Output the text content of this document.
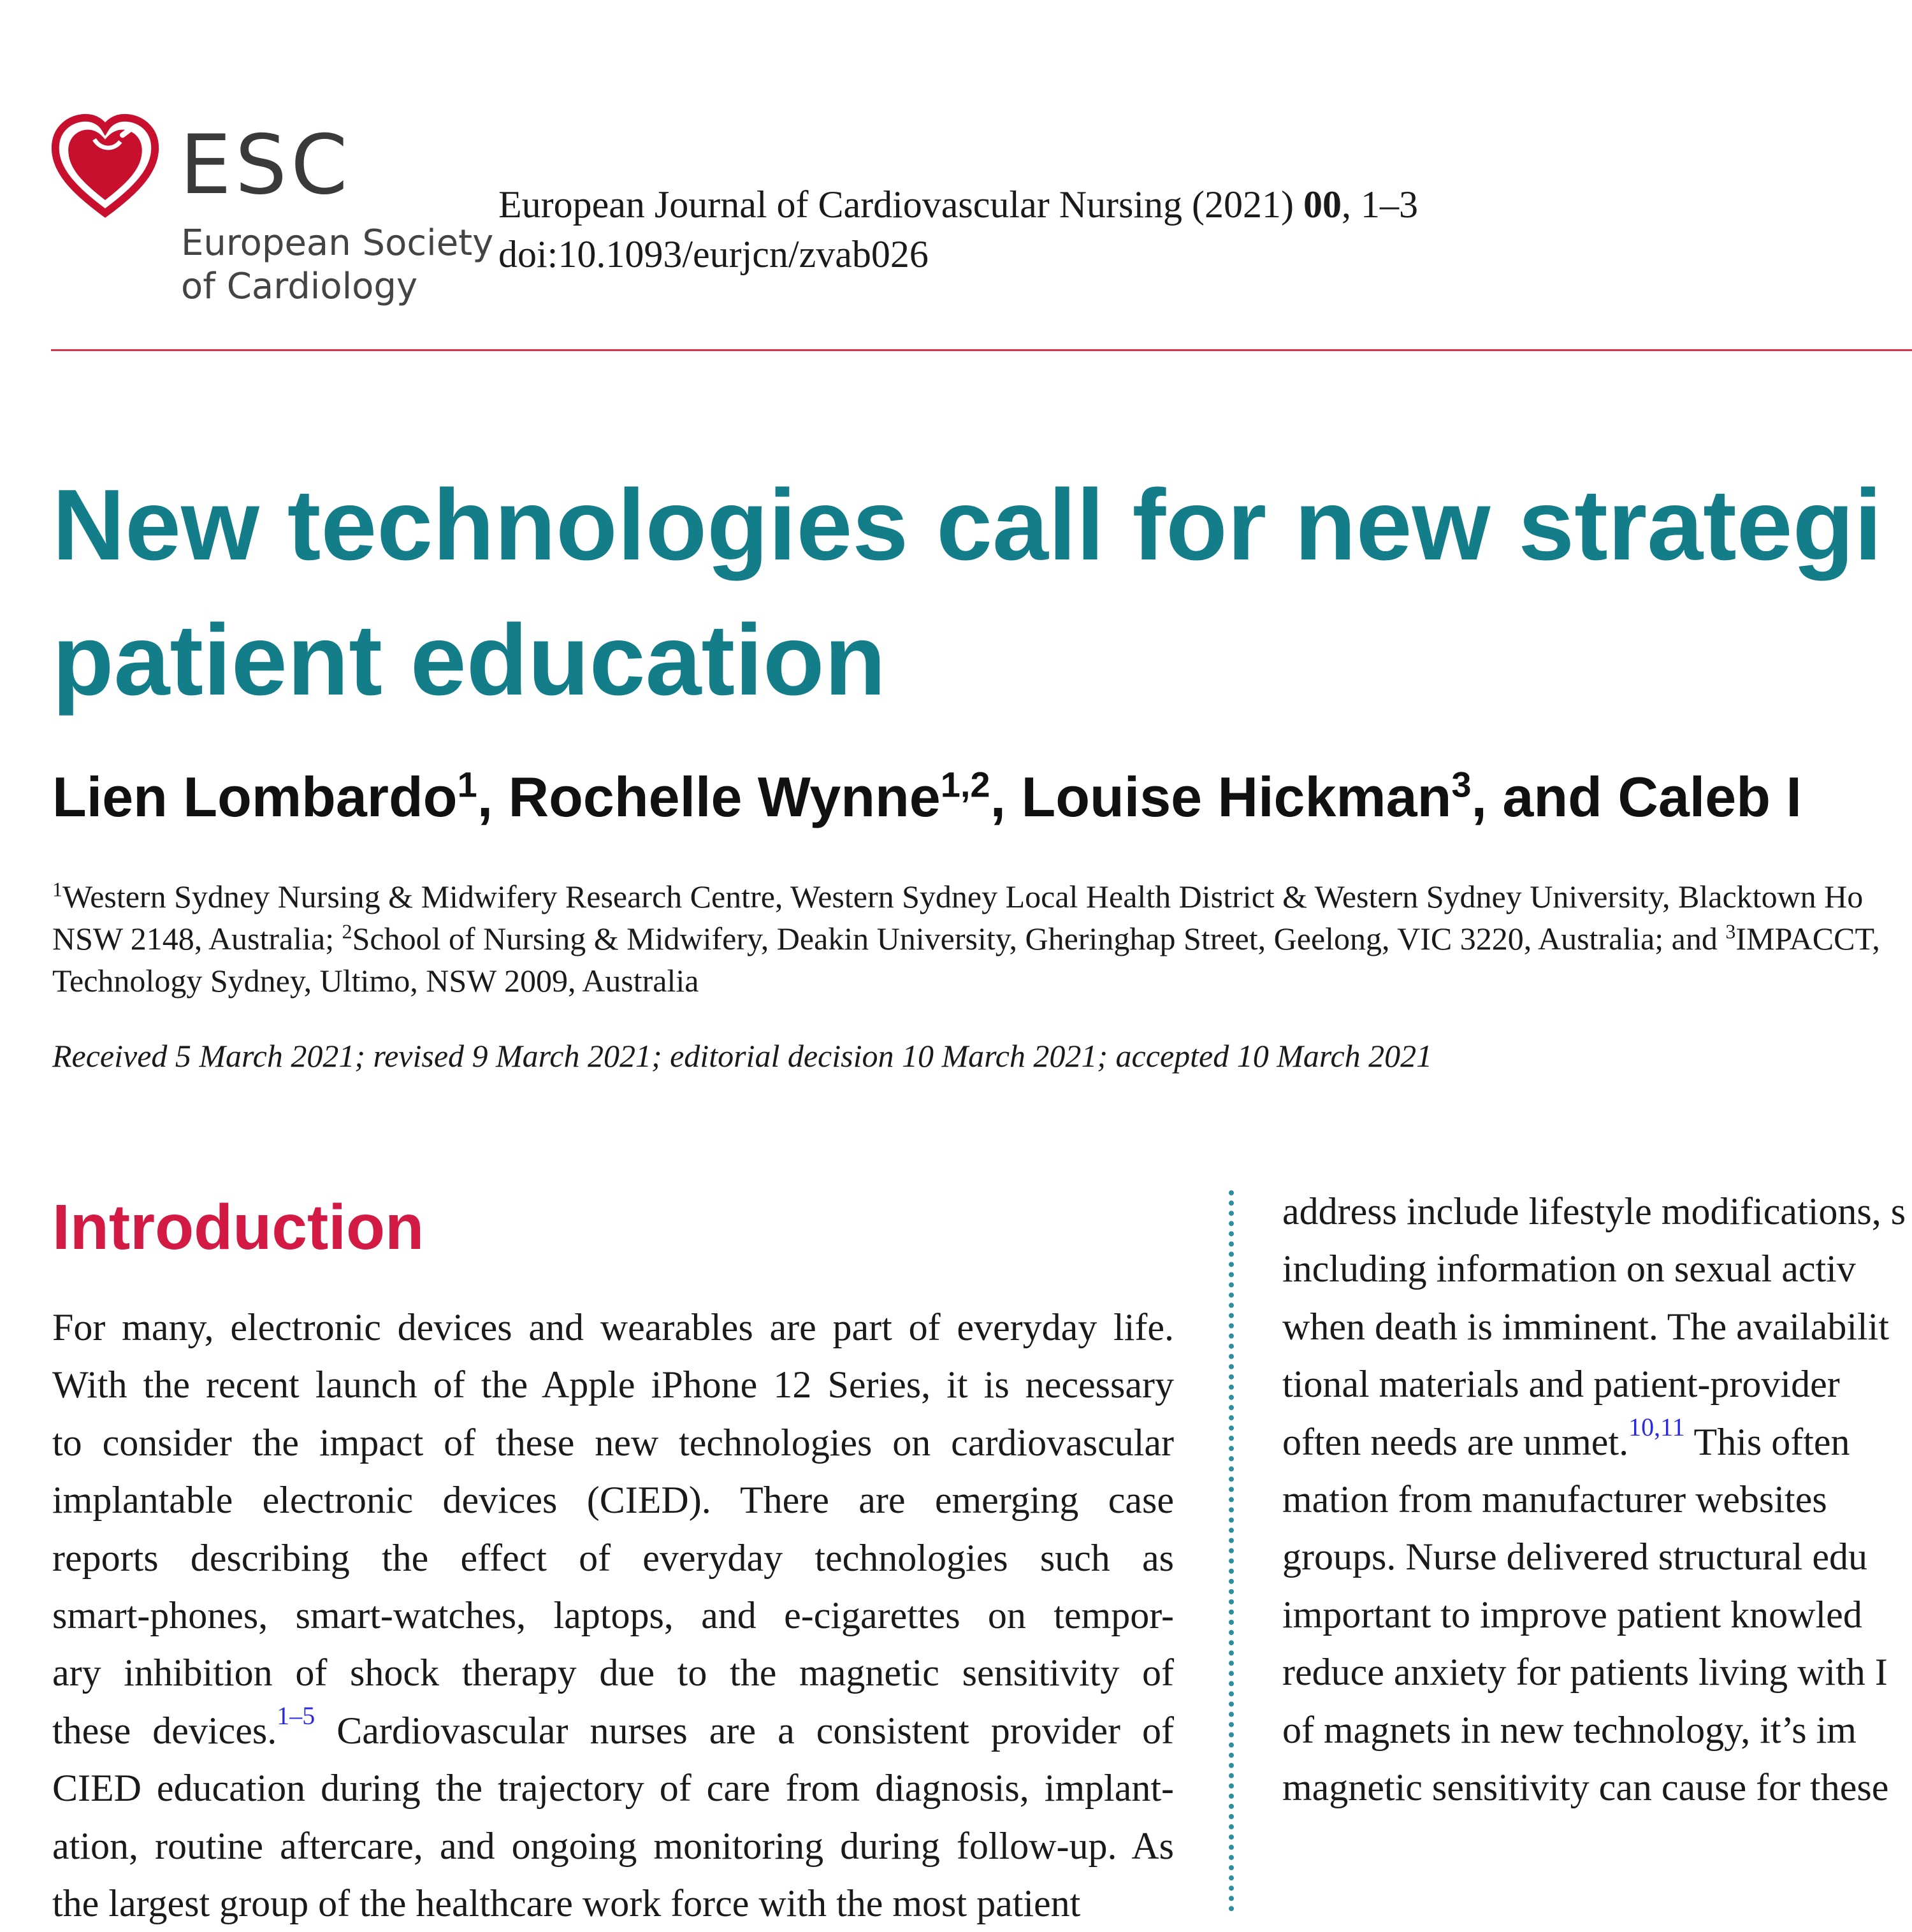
ESC
European Society
of Cardiology
European Journal of Cardiovascular Nursing (2021) 00, 1–3
doi:10.1093/eurjcn/zvab026
New technologies call for new strategi
patient education
Lien Lombardo$^1$, Rochelle Wynne$^{1,2}$, Louise Hickman$^3$, and Caleb I
$^1$Western Sydney Nursing & Midwifery Research Centre, Western Sydney Local Health District & Western Sydney University, Blacktown Ho
NSW 2148, Australia; $^2$School of Nursing & Midwifery, Deakin University, Gheringhap Street, Geelong, VIC 3220, Australia; and $^3$IMPACCT,
Technology Sydney, Ultimo, NSW 2009, Australia
Received 5 March 2021; revised 9 March 2021; editorial decision 10 March 2021; accepted 10 March 2021
Introduction
For many, electronic devices and wearables are part of everyday life.
With the recent launch of the Apple iPhone 12 Series, it is necessary
to consider the impact of these new technologies on cardiovascular
implantable electronic devices (CIED). There are emerging case
reports describing the effect of everyday technologies such as
smart-phones, smart-watches, laptops, and e-cigarettes on tempor-
ary inhibition of shock therapy due to the magnetic sensitivity of
these devices.$^{1-5}$ Cardiovascular nurses are a consistent provider of
CIED education during the trajectory of care from diagnosis, implant-
ation, routine aftercare, and ongoing monitoring during follow-up. As
the largest group of the healthcare work force with the most patient
address include lifestyle modifications, s
including information on sexual activ
when death is imminent. The availabilit
tional materials and patient-provider
often needs are unmet.$^{10,11}$ This often
mation from manufacturer websites
groups. Nurse delivered structural edu
important to improve patient knowled
reduce anxiety for patients living with I
of magnets in new technology, it’s im
magnetic sensitivity can cause for these
